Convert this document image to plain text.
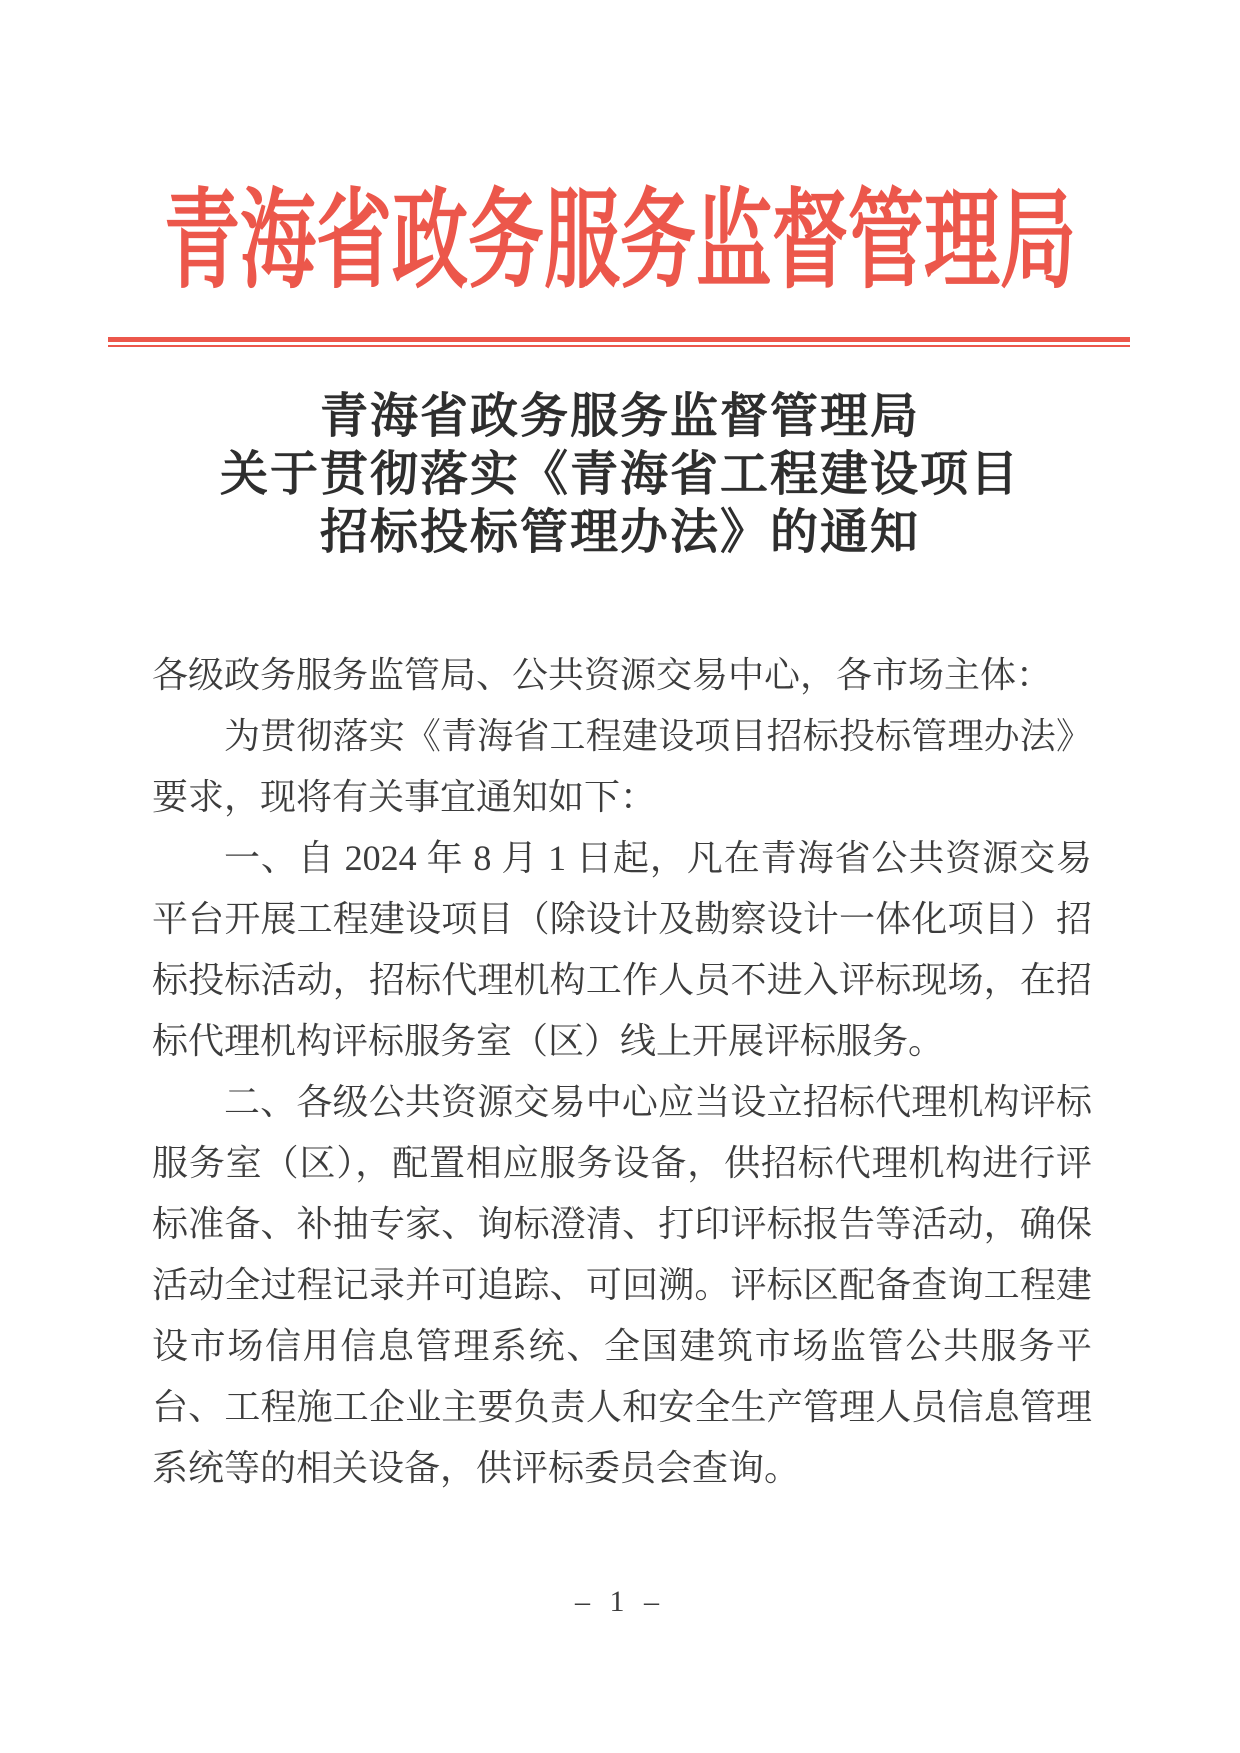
青海省政务服务监督管理局
青海省政务服务监督管理局
关于贯彻落实《青海省工程建设项目
招标投标管理办法》的通知

各级政务服务监管局、公共资源交易中心，各市场主体：

为贯彻落实《青海省工程建设项目招标投标管理办法》要求，现将有关事宜通知如下：

一、自 2024 年 8 月 1 日起，凡在青海省公共资源交易平台开展工程建设项目（除设计及勘察设计一体化项目）招标投标活动，招标代理机构工作人员不进入评标现场，在招标代理机构评标服务室（区）线上开展评标服务。

二、各级公共资源交易中心应当设立招标代理机构评标服务室（区），配置相应服务设备，供招标代理机构进行评标准备、补抽专家、询标澄清、打印评标报告等活动，确保活动全过程记录并可追踪、可回溯。评标区配备查询工程建设市场信用信息管理系统、全国建筑市场监管公共服务平台、工程施工企业主要负责人和安全生产管理人员信息管理系统等的相关设备，供评标委员会查询。

– 1 –
